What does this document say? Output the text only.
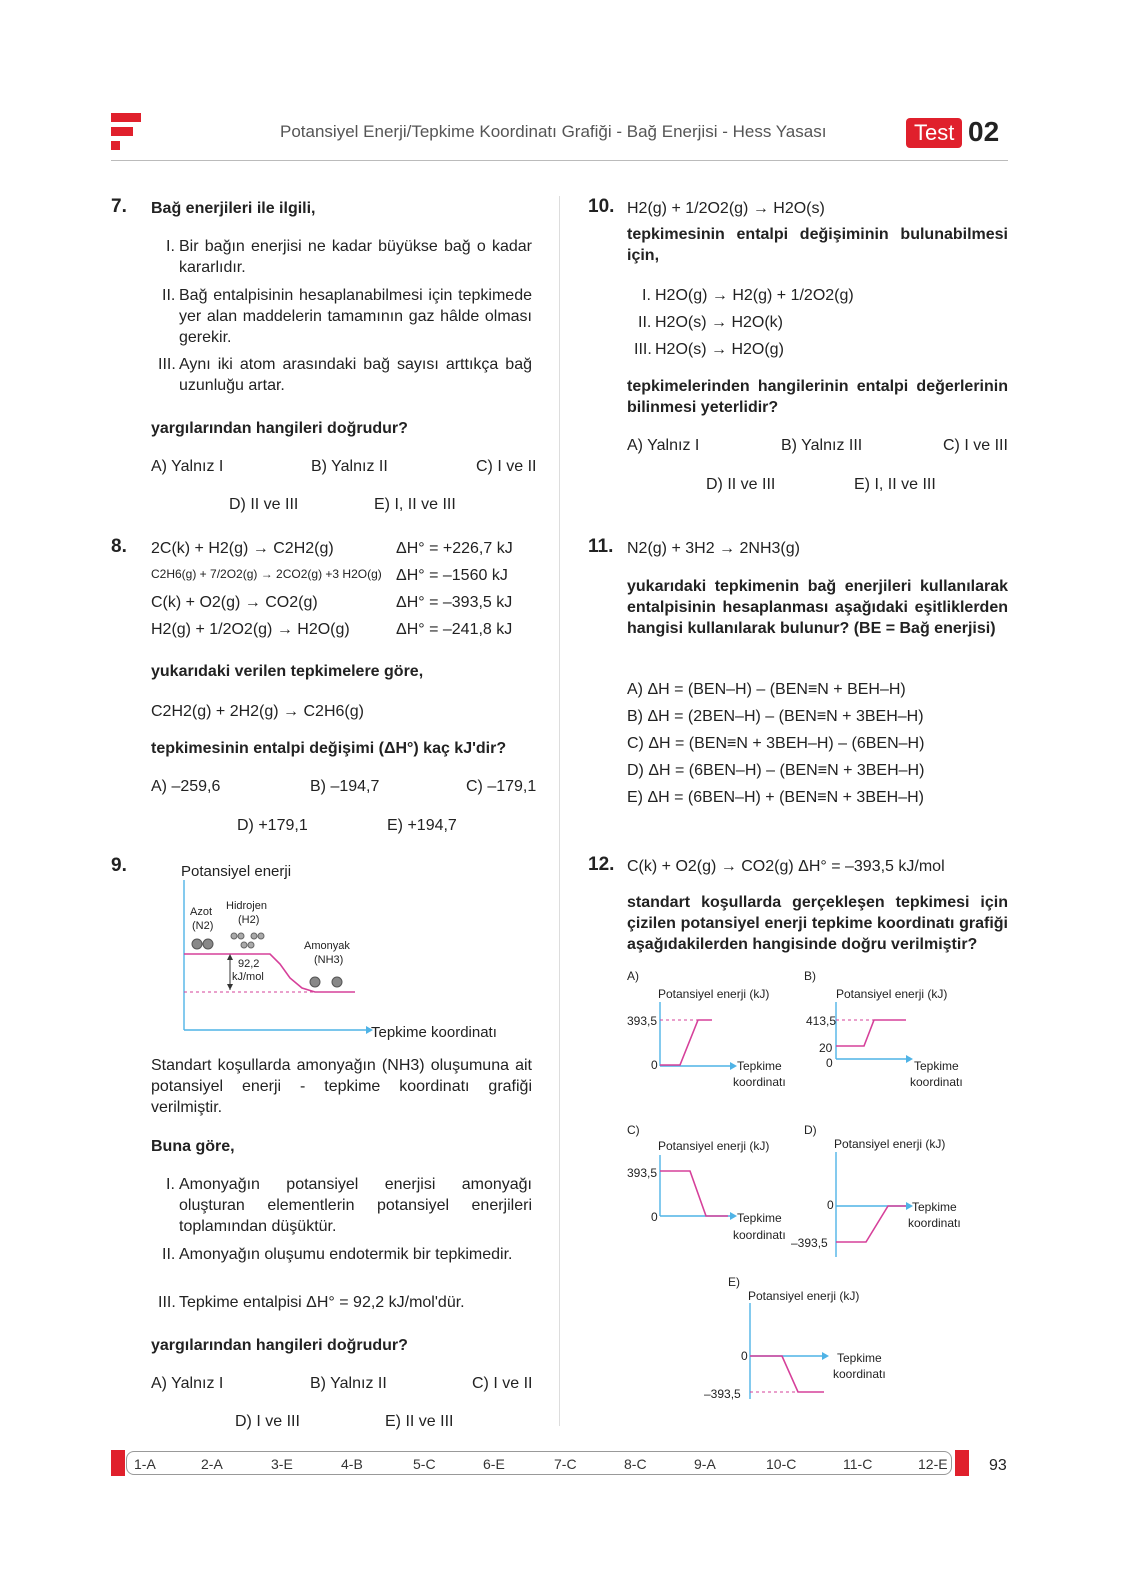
Potansiyel Enerji/Tepkime Koordinatı Grafiği - Bağ Enerjisi - Hess Yasası	Test 02
7. Bağ enerjileri ile ilgili,
I. Bir bağın enerjisi ne kadar büyükse bağ o kadar kararlıdır.
II. Bağ entalpisinin hesaplanabilmesi için tepkimede yer alan maddelerin tamamının gaz hâlde olması gerekir.
III. Aynı iki atom arasındaki bağ sayısı arttıkça bağ uzunluğu artar.
yargılarından hangileri doğrudur?
A) Yalnız I	B) Yalnız II	C) I ve II
D) II ve III	E) I, II ve III
8. 2C(k) + H2(g) → C2H2(g)	ΔH° = +226,7 kJ
C2H6(g) + 7/2O2(g) → 2CO2(g) +3 H2O(g) ΔH° = –1560 kJ
C(k) + O2(g) → CO2(g)	ΔH° = –393,5 kJ
H2(g) + 1/2O2(g) → H2O(g)	ΔH° = –241,8 kJ
yukarıdaki verilen tepkimelere göre,
C2H2(g) + 2H2(g) → C2H6(g)
tepkimesinin entalpi değişimi (ΔH°) kaç kJ'dir?
A) –259,6	B) –194,7	C) –179,1
D) +179,1	E) +194,7
9.	Potansiyel enerji
Azot
(N2)
Hidrojen
(H2)
Amonyak
(NH3)
92,2
kJ/mol
Tepkime koordinatı
Standart koşullarda amonyağın (NH3) oluşumuna ait potansiyel enerji - tepkime koordinatı grafiği verilmiştir.
Buna göre,
I. Amonyağın potansiyel enerjisi amonyağı oluşturan elementlerin potansiyel enerjileri toplamından düşüktür.
II. Amonyağın oluşumu endotermik bir tepkimedir.
III. Tepkime entalpisi ΔH° = 92,2 kJ/mol'dür.
yargılarından hangileri doğrudur?
A) Yalnız I	B) Yalnız II	C) I ve II
D) I ve III	E) II ve III
10. H2(g) + 1/2O2(g) → H2O(s)
tepkimesinin entalpi değişiminin bulunabilmesi için,
I. H2O(g) → H2(g) + 1/2O2(g)
II. H2O(s) → H2O(k)
III. H2O(s) → H2O(g)
tepkimelerinden hangilerinin entalpi değerlerinin bilinmesi yeterlidir?
A) Yalnız I	B) Yalnız III	C) I ve III
D) II ve III	E) I, II ve III
11. N2(g) + 3H2 → 2NH3(g)
yukarıdaki tepkimenin bağ enerjileri kullanılarak entalpisinin hesaplanması aşağıdaki eşitliklerden hangisi kullanılarak bulunur? (BE = Bağ enerjisi)
A) ΔH = (BEN–H) – (BEN≡N + BEH–H)
B) ΔH = (2BEN–H) – (BEN≡N + 3BEH–H)
C) ΔH = (BEN≡N + 3BEH–H) – (6BEN–H)
D) ΔH = (6BEN–H) – (BEN≡N + 3BEH–H)
E) ΔH = (6BEN–H) + (BEN≡N + 3BEH–H)
12. C(k) + O2(g) → CO2(g) ΔH° = –393,5 kJ/mol
standart koşullarda gerçekleşen tepkimesi için çizilen potansiyel enerji tepkime koordinatı grafiği aşağıdakilerden hangisinde doğru verilmiştir?
A)
Potansiyel enerji (kJ)
393,5
0	Tepkime
koordinatı
B)
Potansiyel enerji (kJ)
413,5
20
0	Tepkime
koordinatı
C)
Potansiyel enerji (kJ)
393,5
0	Tepkime
koordinatı
D)
Potansiyel enerji (kJ)
0
–393,5
Tepkime
koordinatı
E)
Potansiyel enerji (kJ)
0
–393,5
Tepkime
koordinatı
1-A	2-A	3-E	4-B	5-C	6-E	7-C	8-C	9-A	10-C	11-C	12-E	93
